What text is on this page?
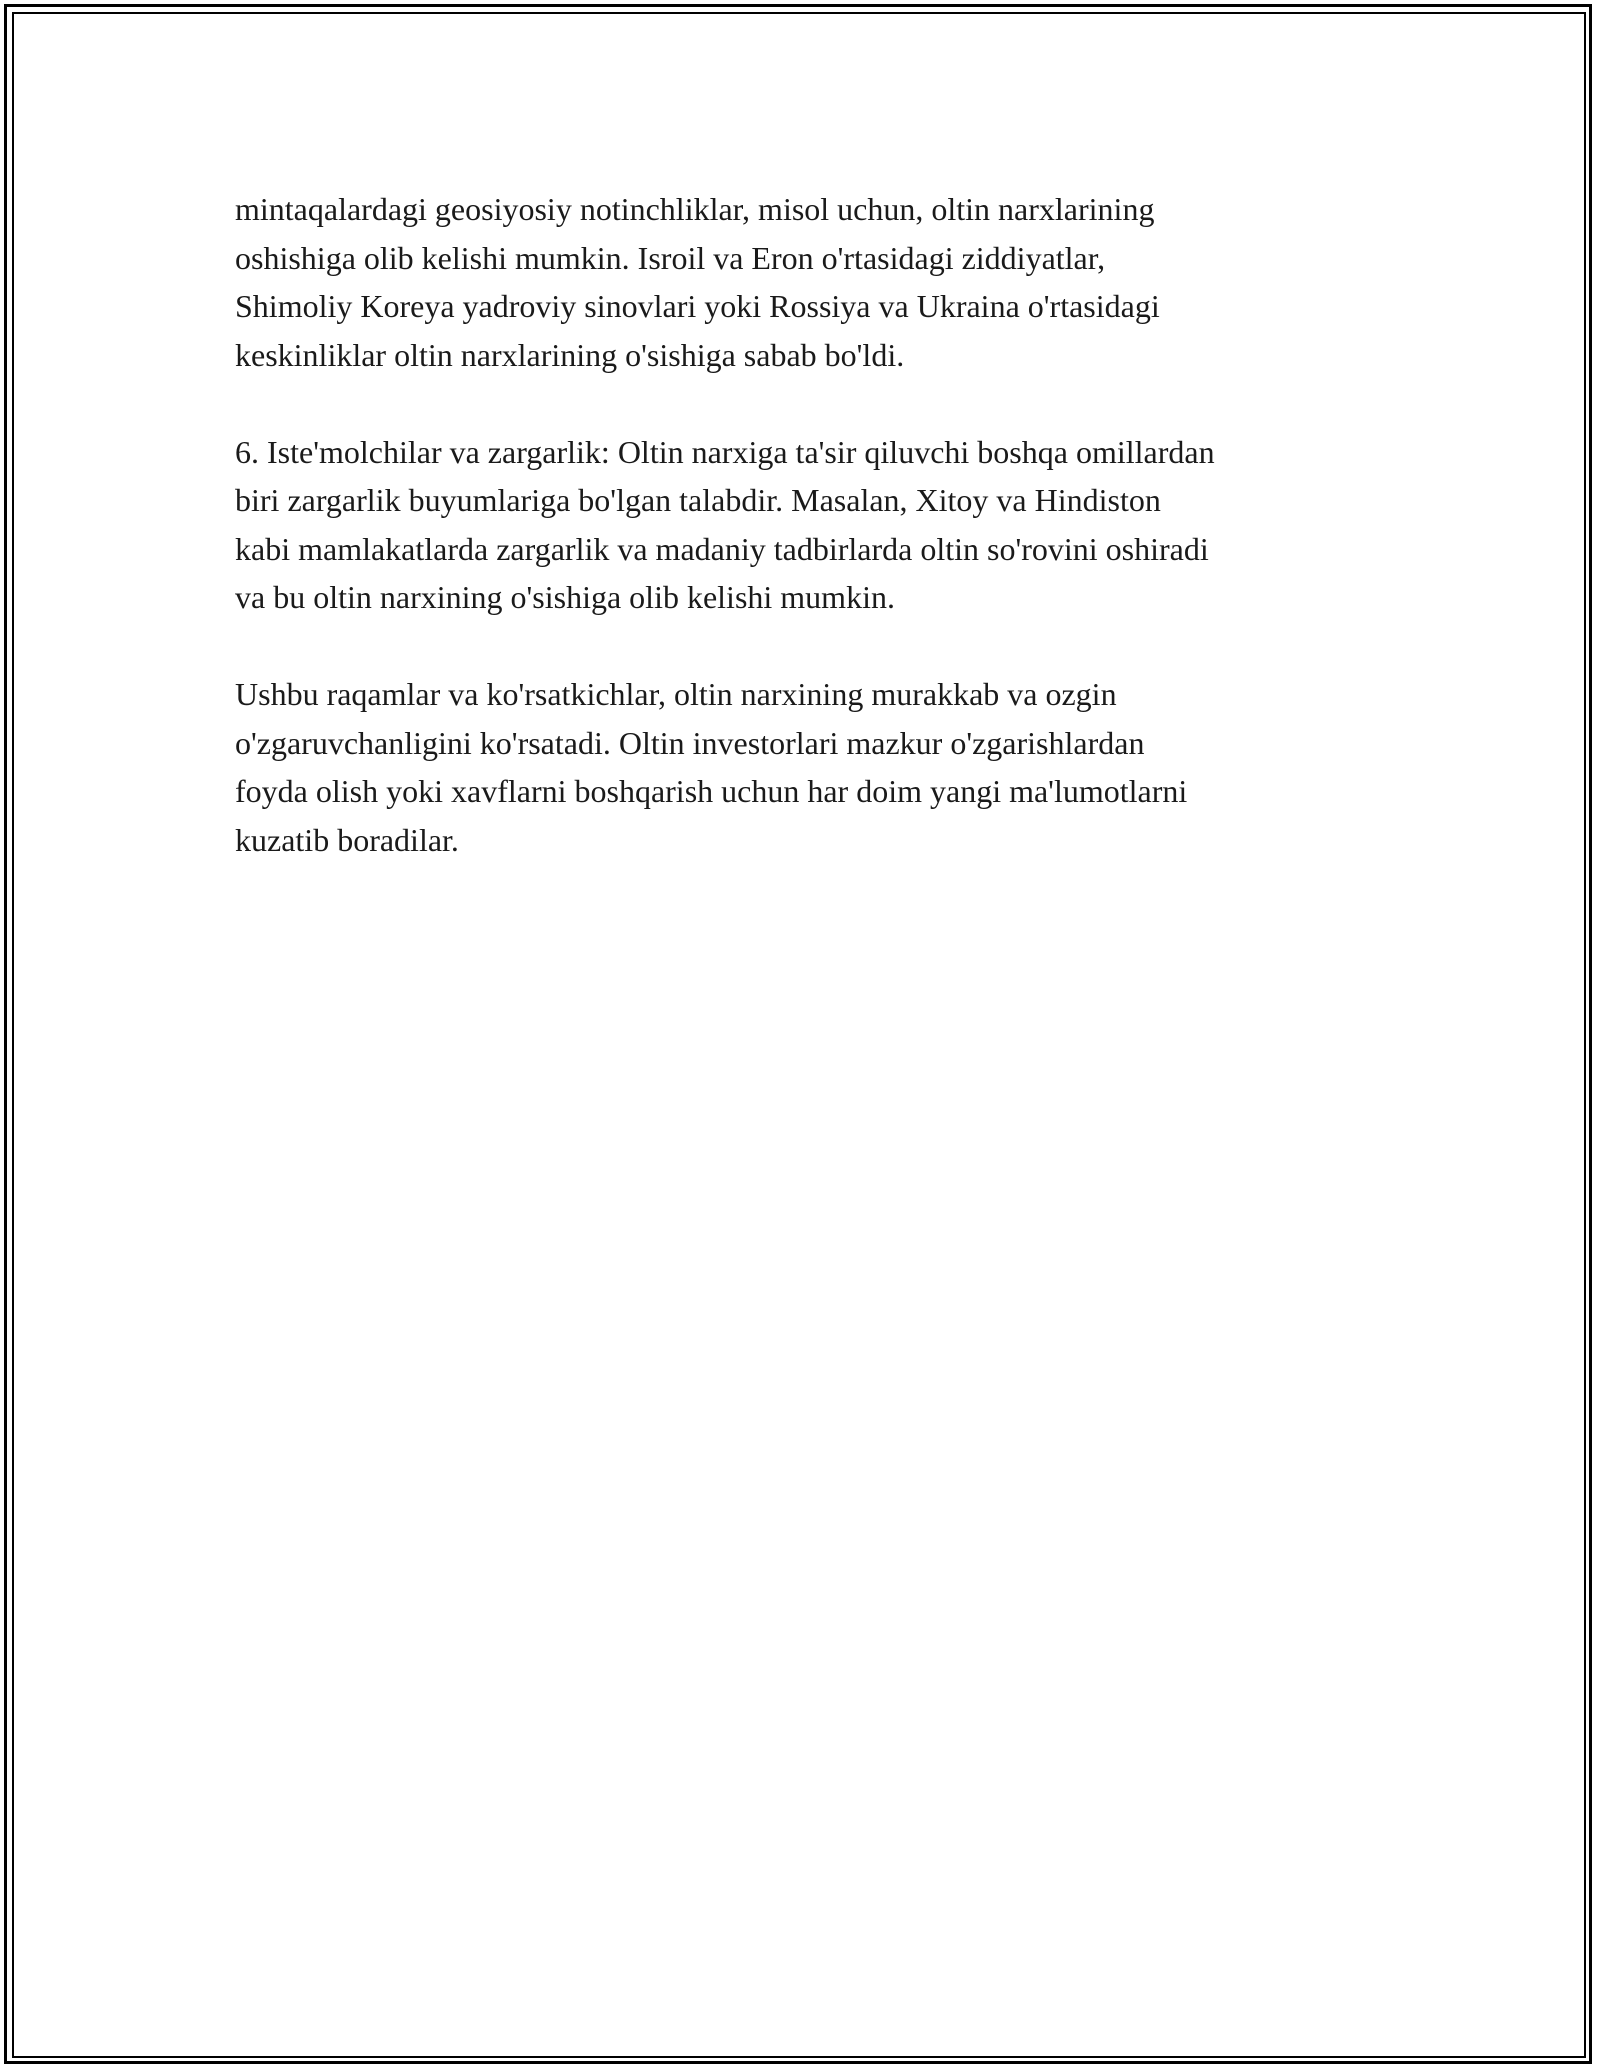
mintaqalardagi geosiyosiy notinchliklar, misol uchun, oltin narxlarining
oshishiga olib kelishi mumkin. Isroil va Eron o'rtasidagi ziddiyatlar,
Shimoliy Koreya yadroviy sinovlari yoki Rossiya va Ukraina o'rtasidagi
keskinliklar oltin narxlarining o'sishiga sabab bo'ldi.

6. Iste'molchilar va zargarlik: Oltin narxiga ta'sir qiluvchi boshqa omillardan
biri zargarlik buyumlariga bo'lgan talabdir. Masalan, Xitoy va Hindiston
kabi mamlakatlarda zargarlik va madaniy tadbirlarda oltin so'rovini oshiradi
va bu oltin narxining o'sishiga olib kelishi mumkin.

Ushbu raqamlar va ko'rsatkichlar, oltin narxining murakkab va ozgin
o'zgaruvchanligini ko'rsatadi. Oltin investorlari mazkur o'zgarishlardan
foyda olish yoki xavflarni boshqarish uchun har doim yangi ma'lumotlarni
kuzatib boradilar.
